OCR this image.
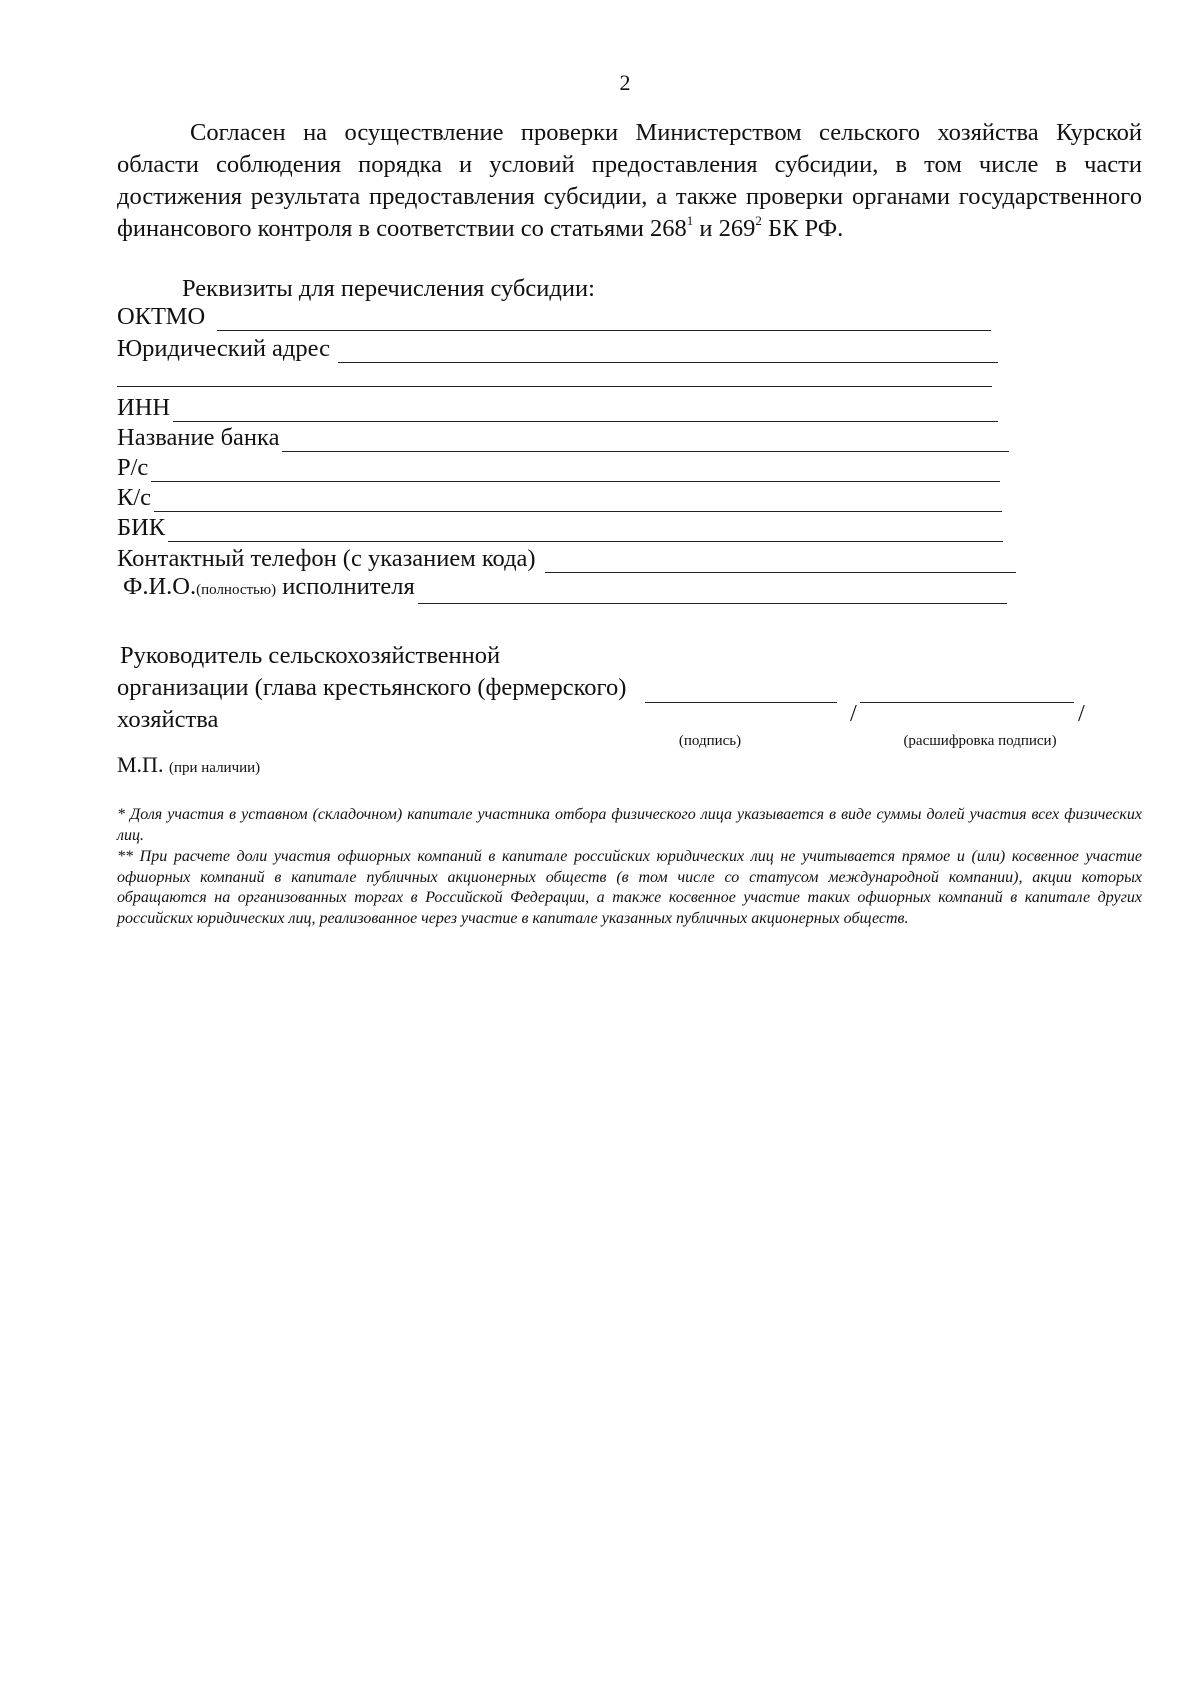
2
Согласен на осуществление проверки Министерством сельского хозяйства Курской области соблюдения порядка и условий предоставления субсидии, в том числе в части достижения результата предоставления субсидии, а также проверки органами государственного финансового контроля в соответствии со статьями $268^1$ и $269^2$ БК РФ.
Реквизиты для перечисления субсидии:
ОКТМО
Юридический адрес
ИНН
Название банка
Р/с
К/с
БИК
Контактный телефон (с указанием кода)
Ф.И.О.(полностью) исполнителя
Руководитель сельскохозяйственной
организации (глава крестьянского (фермерского)
хозяйства	/	/
(подпись)	(расшифровка подписи)
М.П. (при наличии)
* Доля участия в уставном (складочном) капитале участника отбора физического лица указывается в виде суммы долей участия всех физических лиц.
** При расчете доли участия офшорных компаний в капитале российских юридических лиц не учитывается прямое и (или) косвенное участие офшорных компаний в капитале публичных акционерных обществ (в том числе со статусом международной компании), акции которых обращаются на организованных торгах в Российской Федерации, а также косвенное участие таких офшорных компаний в капитале других российских юридических лиц, реализованное через участие в капитале указанных публичных акционерных обществ.
